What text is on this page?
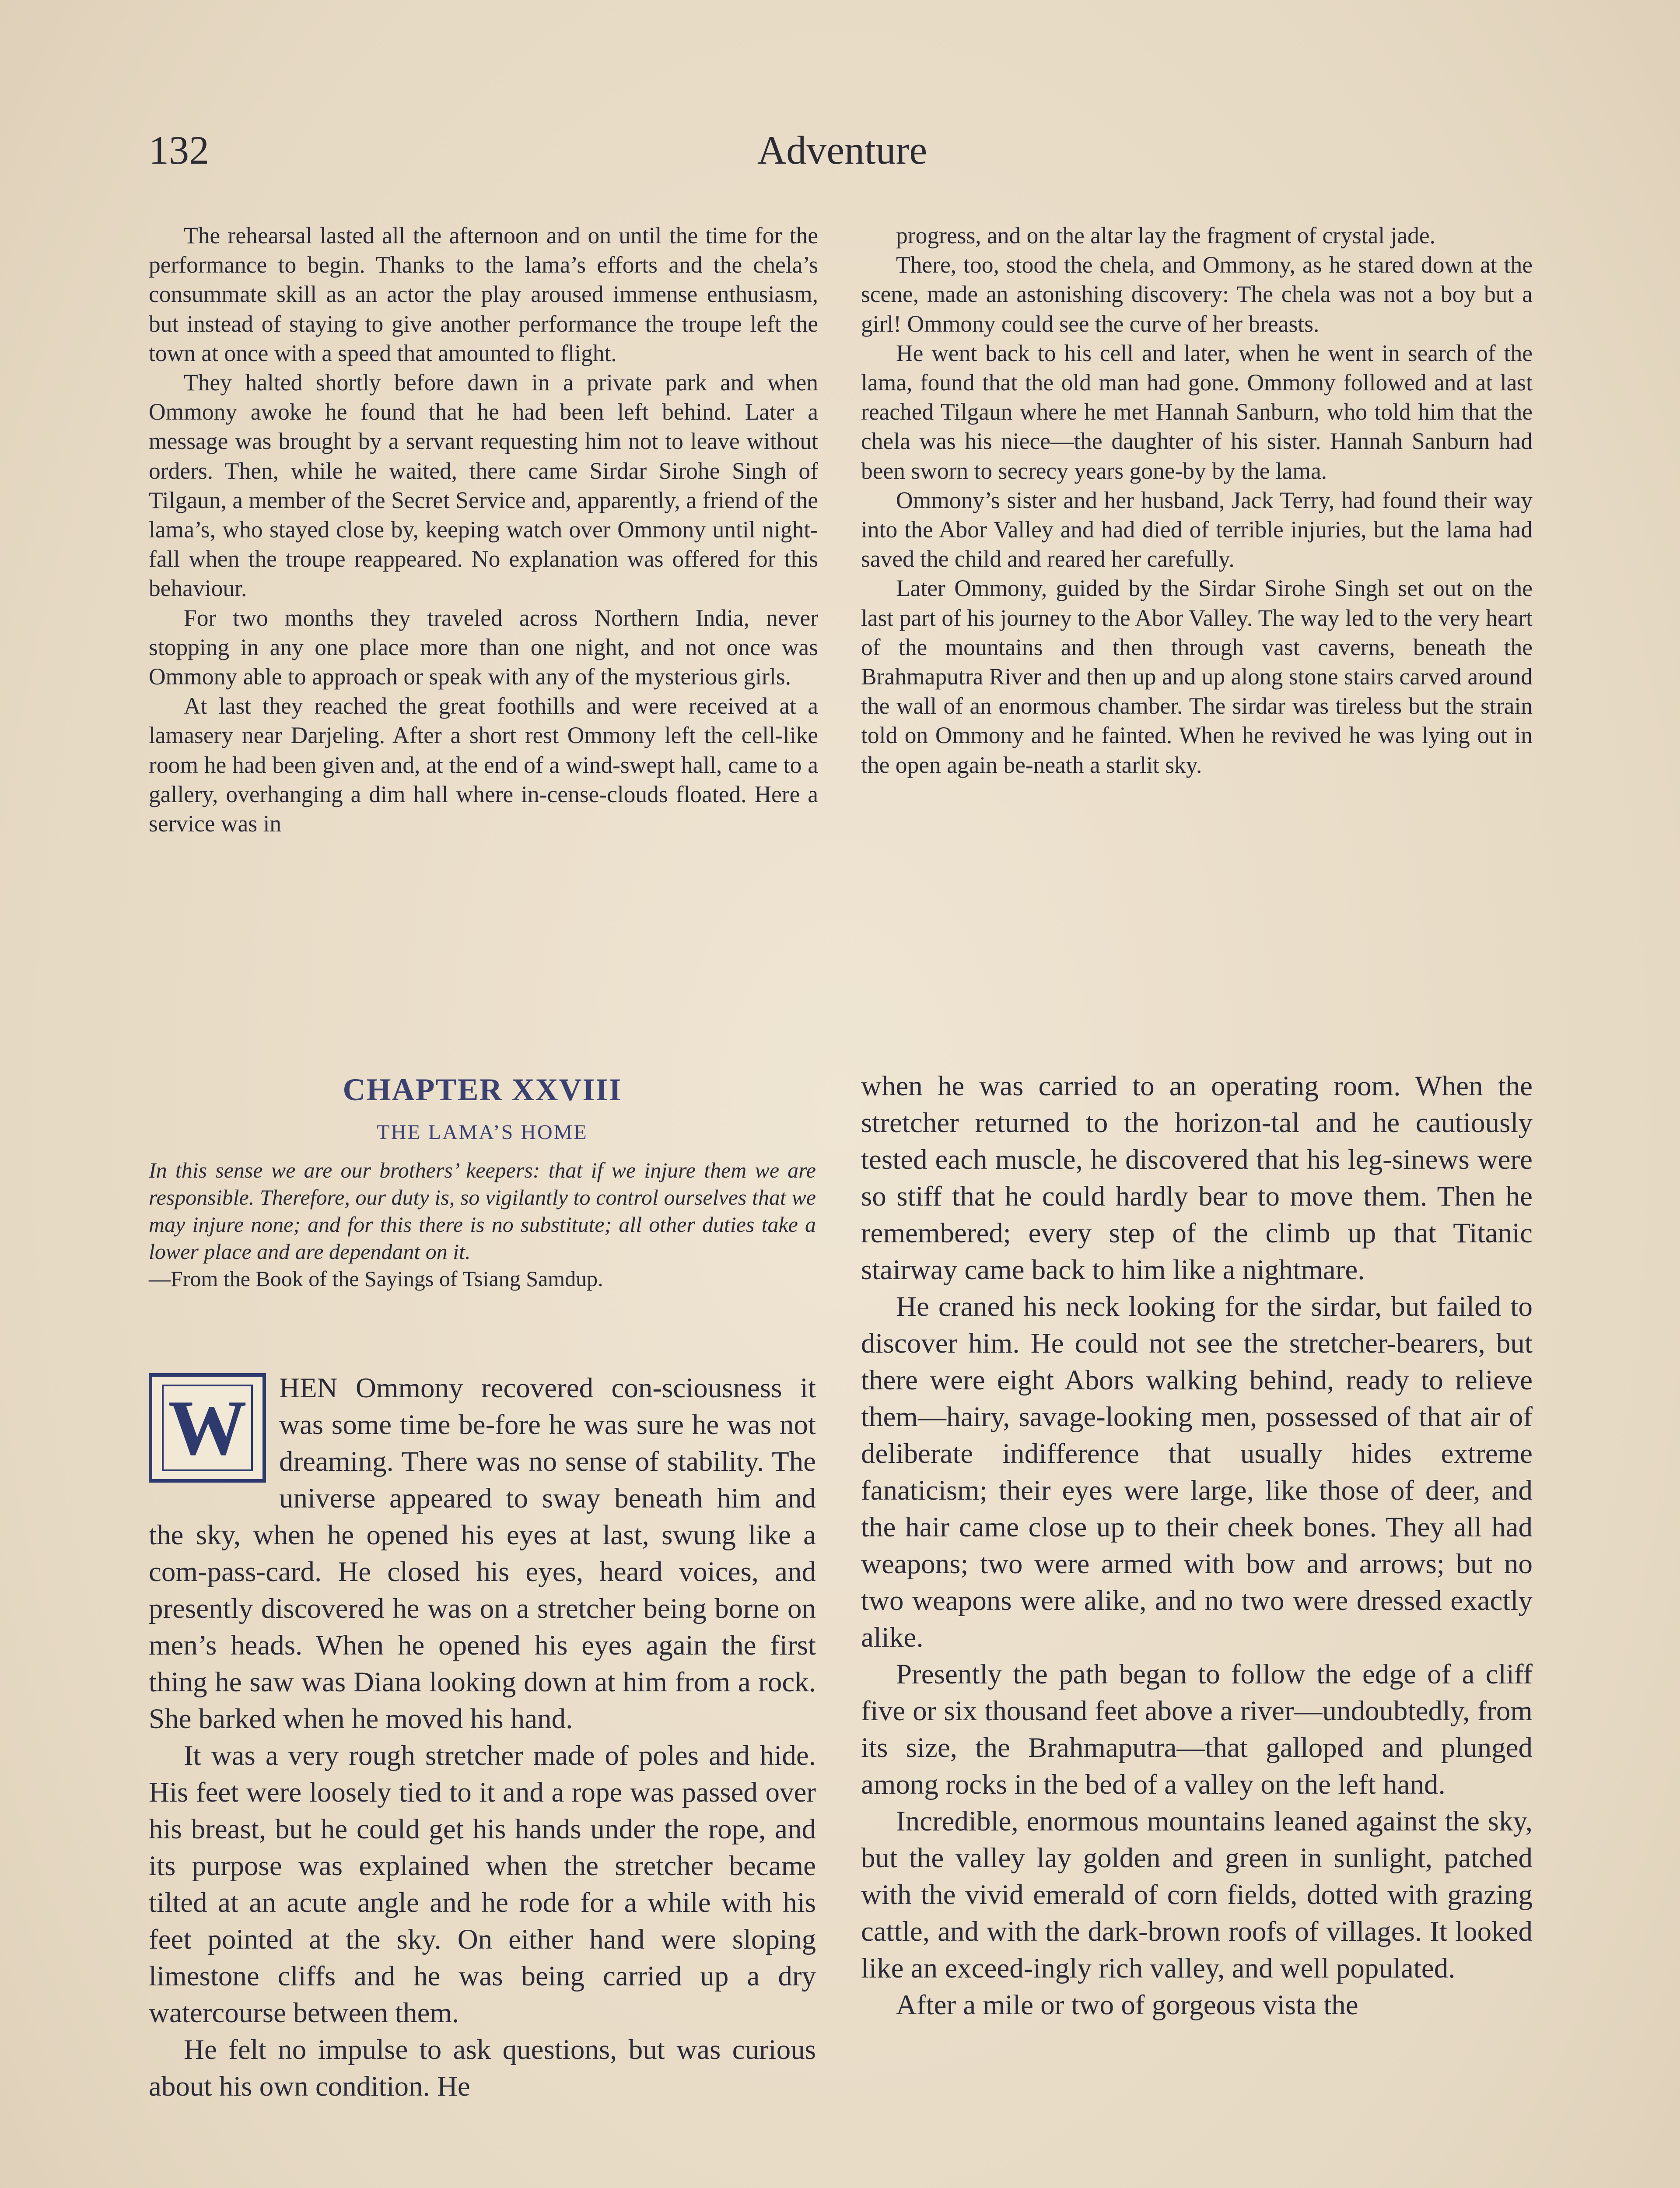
132	Adventure

The rehearsal lasted all the afternoon and on until the time for the performance to begin. Thanks to the lama’s efforts and the chela’s consummate skill as an actor the play aroused immense enthusiasm, but instead of staying to give another performance the troupe left the town at once with a speed that amounted to flight.

They halted shortly before dawn in a private park and when Ommony awoke he found that he had been left behind. Later a message was brought by a servant requesting him not to leave without orders. Then, while he waited, there came Sirdar Sirohe Singh of Tilgaun, a member of the Secret Service and, apparently, a friend of the lama’s, who stayed close by, keeping watch over Ommony until night-fall when the troupe reappeared. No explanation was offered for this behaviour.

For two months they traveled across Northern India, never stopping in any one place more than one night, and not once was Ommony able to approach or speak with any of the mysterious girls.

At last they reached the great foothills and were received at a lamasery near Darjeling. After a short rest Ommony left the cell-like room he had been given and, at the end of a wind-swept hall, came to a gallery, overhanging a dim hall where in-cense-clouds floated. Here a service was in

progress, and on the altar lay the fragment of crystal jade.

There, too, stood the chela, and Ommony, as he stared down at the scene, made an astonishing discovery: The chela was not a boy but a girl! Ommony could see the curve of her breasts.

He went back to his cell and later, when he went in search of the lama, found that the old man had gone. Ommony followed and at last reached Tilgaun where he met Hannah Sanburn, who told him that the chela was his niece—the daughter of his sister. Hannah Sanburn had been sworn to secrecy years gone-by by the lama.

Ommony’s sister and her husband, Jack Terry, had found their way into the Abor Valley and had died of terrible injuries, but the lama had saved the child and reared her carefully.

Later Ommony, guided by the Sirdar Sirohe Singh set out on the last part of his journey to the Abor Valley. The way led to the very heart of the mountains and then through vast caverns, beneath the Brahmaputra River and then up and up along stone stairs carved around the wall of an enormous chamber. The sirdar was tireless but the strain told on Ommony and he fainted. When he revived he was lying out in the open again be-neath a starlit sky.

CHAPTER XXVIII
THE LAMA’S HOME

In this sense we are our brothers’ keepers: that if we injure them we are responsible. Therefore, our duty is, so vigilantly to control ourselves that we may injure none; and for this there is no substitute; all other duties take a lower place and are dependant on it.

—From the Book of the Sayings of Tsiang Samdup.

W HEN Ommony recovered con-sciousness it was some time be-fore he was sure he was not dreaming. There was no sense of stability. The universe appeared to sway beneath him and the sky, when he opened his eyes at last, swung like a com-pass-card. He closed his eyes, heard voices, and presently discovered he was on a stretcher being borne on men’s heads. When he opened his eyes again the first thing he saw was Diana looking down at him from a rock. She barked when he moved his hand.

It was a very rough stretcher made of poles and hide. His feet were loosely tied to it and a rope was passed over his breast, but he could get his hands under the rope, and its purpose was explained when the stretcher became tilted at an acute angle and he rode for a while with his feet pointed at the sky. On either hand were sloping limestone cliffs and he was being carried up a dry watercourse between them.

He felt no impulse to ask questions, but was curious about his own condition. He

when he was carried to an operating room. When the stretcher returned to the horizon-tal and he cautiously tested each muscle, he discovered that his leg-sinews were so stiff that he could hardly bear to move them. Then he remembered; every step of the climb up that Titanic stairway came back to him like a nightmare.

He craned his neck looking for the sirdar, but failed to discover him. He could not see the stretcher-bearers, but there were eight Abors walking behind, ready to relieve them—hairy, savage-looking men, possessed of that air of deliberate indifference that usually hides extreme fanaticism; their eyes were large, like those of deer, and the hair came close up to their cheek bones. They all had weapons; two were armed with bow and arrows; but no two weapons were alike, and no two were dressed exactly alike.

Presently the path began to follow the edge of a cliff five or six thousand feet above a river—undoubtedly, from its size, the Brahmaputra—that galloped and plunged among rocks in the bed of a valley on the left hand.

Incredible, enormous mountains leaned against the sky, but the valley lay golden and green in sunlight, patched with the vivid emerald of corn fields, dotted with grazing cattle, and with the dark-brown roofs of villages. It looked like an exceed-ingly rich valley, and well populated.

After a mile or two of gorgeous vista the
